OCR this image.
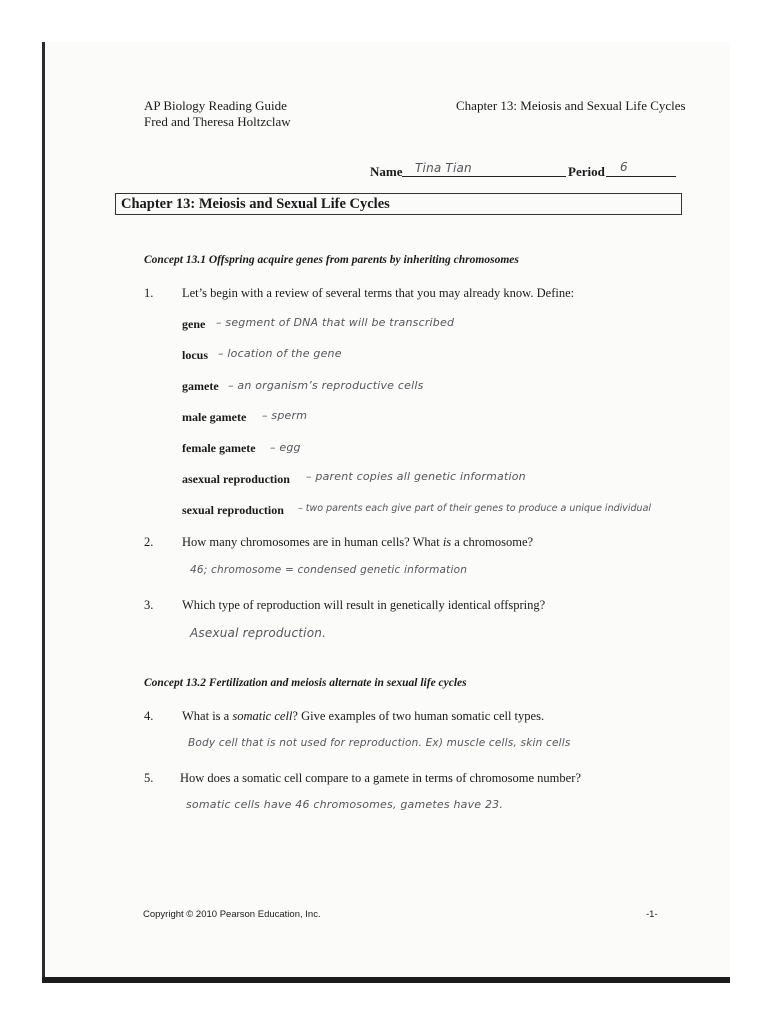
AP Biology Reading Guide
Fred and Theresa Holtzclaw
Chapter 13: Meiosis and Sexual Life Cycles
Name Tina Tian	Period 6
Chapter 13: Meiosis and Sexual Life Cycles
Concept 13.1 Offspring acquire genes from parents by inheriting chromosomes
1. Let’s begin with a review of several terms that you may already know. Define:
gene – segment of DNA that will be transcribed
locus – location of the gene
gamete – an organism’s reproductive cells
male gamete – sperm
female gamete – egg
asexual reproduction – parent copies all genetic information
sexual reproduction – two parents each give part of their genes to produce a unique individual
2. How many chromosomes are in human cells? What is a chromosome?
46; chromosome = condensed genetic information
3. Which type of reproduction will result in genetically identical offspring?
Asexual reproduction.
Concept 13.2 Fertilization and meiosis alternate in sexual life cycles
4. What is a somatic cell? Give examples of two human somatic cell types.
Body cell that is not used for reproduction. Ex) muscle cells, skin cells
5. How does a somatic cell compare to a gamete in terms of chromosome number?
somatic cells have 46 chromosomes, gametes have 23.
Copyright © 2010 Pearson Education, Inc.	-1-
